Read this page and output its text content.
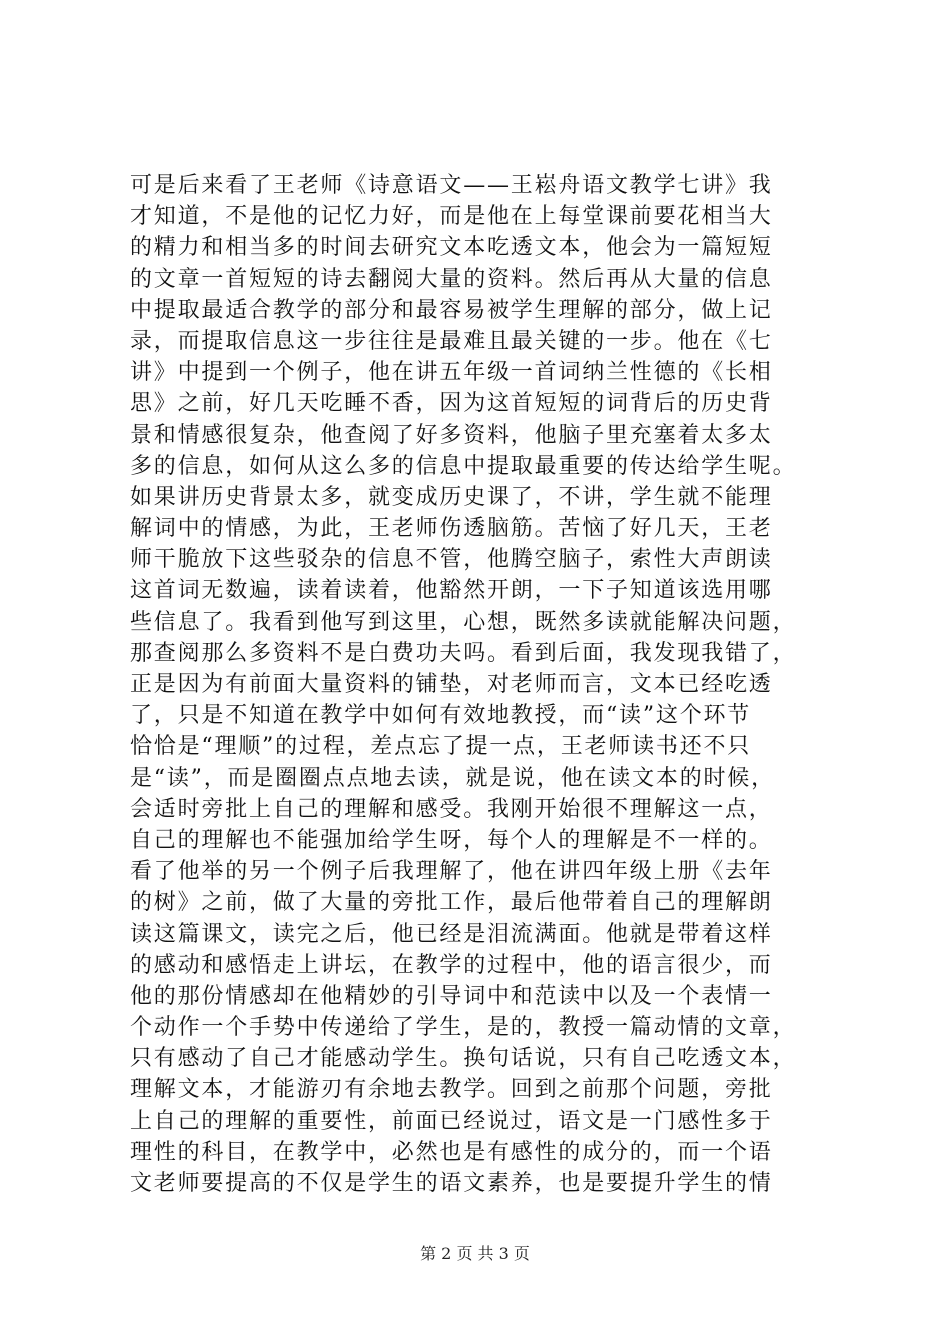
可是后来看了王老师《诗意语文——王崧舟语文教学七讲》我
才知道，不是他的记忆力好，而是他在上每堂课前要花相当大
的精力和相当多的时间去研究文本吃透文本，他会为一篇短短
的文章一首短短的诗去翻阅大量的资料。然后再从大量的信息
中提取最适合教学的部分和最容易被学生理解的部分，做上记
录，而提取信息这一步往往是最难且最关键的一步。他在《七
讲》中提到一个例子，他在讲五年级一首词纳兰性德的《长相
思》之前，好几天吃睡不香，因为这首短短的词背后的历史背
景和情感很复杂，他查阅了好多资料，他脑子里充塞着太多太
多的信息，如何从这么多的信息中提取最重要的传达给学生呢。
如果讲历史背景太多，就变成历史课了，不讲，学生就不能理
解词中的情感，为此，王老师伤透脑筋。苦恼了好几天，王老
师干脆放下这些驳杂的信息不管，他腾空脑子，索性大声朗读
这首词无数遍，读着读着，他豁然开朗，一下子知道该选用哪
些信息了。我看到他写到这里，心想，既然多读就能解决问题，
那查阅那么多资料不是白费功夫吗。看到后面，我发现我错了，
正是因为有前面大量资料的铺垫，对老师而言，文本已经吃透
了，只是不知道在教学中如何有效地教授，而“读”这个环节
恰恰是“理顺”的过程，差点忘了提一点，王老师读书还不只
是“读”，而是圈圈点点地去读，就是说，他在读文本的时候，
会适时旁批上自己的理解和感受。我刚开始很不理解这一点，
自己的理解也不能强加给学生呀，每个人的理解是不一样的。
看了他举的另一个例子后我理解了，他在讲四年级上册《去年
的树》之前，做了大量的旁批工作，最后他带着自己的理解朗
读这篇课文，读完之后，他已经是泪流满面。他就是带着这样
的感动和感悟走上讲坛，在教学的过程中，他的语言很少，而
他的那份情感却在他精妙的引导词中和范读中以及一个表情一
个动作一个手势中传递给了学生，是的，教授一篇动情的文章，
只有感动了自己才能感动学生。换句话说，只有自己吃透文本，
理解文本，才能游刃有余地去教学。回到之前那个问题，旁批
上自己的理解的重要性，前面已经说过，语文是一门感性多于
理性的科目，在教学中，必然也是有感性的成分的，而一个语
文老师要提高的不仅是学生的语文素养，也是要提升学生的情
第 2 页 共 3 页
